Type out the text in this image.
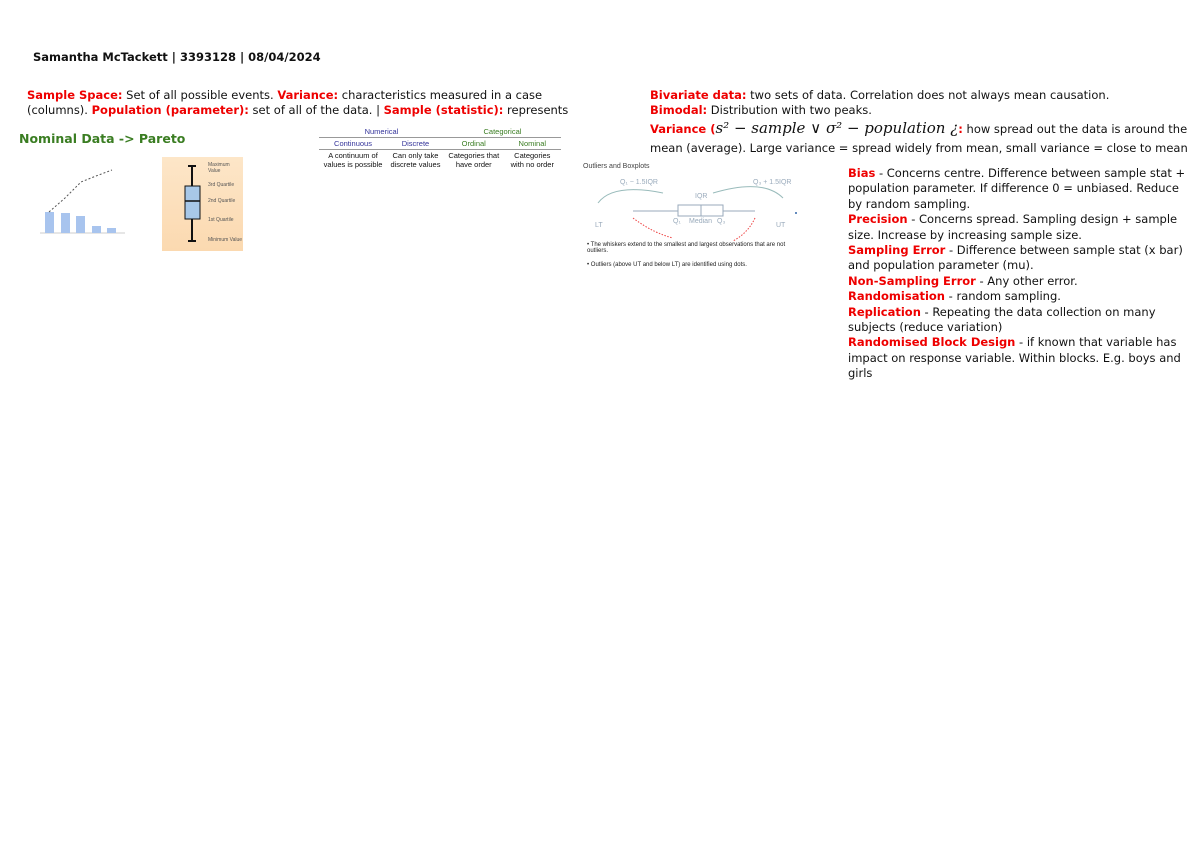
Samantha McTackett | 3393128 | 08/04/2024
Sample Space: Set of all possible events. Variance: characteristics measured in a case (columns). Population (parameter): set of all of the data. | Sample (statistic): represents
Nominal Data -> Pareto
Maximum Value
3rd Quartile
2nd Quartile
1st Quartile
Minimum Value
Numerical		Categorical	
Continuous	Discrete	Ordinal	Nominal
A continuum of values is possible	Can only take discrete values	Categories that have order	Categories with no order
Bivariate data: two sets of data. Correlation does not always mean causation.
Bimodal: Distribution with two peaks.
Variance (s² − sample ∨ σ² − population ¿: how spread out the data is around the mean (average). Large variance = spread widely from mean, small variance = close to mean
Outliers and Boxplots
Q₁ − 1.5IQR	Q₃ + 1.5IQR
IQR
Q₁ Median Q₃
LT	UT
• The whiskers extend to the smallest and largest observations that are not outliers.
• Outliers (above UT and below LT) are identified using dots.
Bias - Concerns centre. Difference between sample stat + population parameter. If difference 0 = unbiased. Reduce by random sampling.
Precision - Concerns spread. Sampling design + sample size. Increase by increasing sample size.
Sampling Error - Difference between sample stat (x bar) and population parameter (mu).
Non-Sampling Error - Any other error.
Randomisation - random sampling.
Replication - Repeating the data collection on many subjects (reduce variation)
Randomised Block Design - if known that variable has impact on response variable. Within blocks. E.g. boys and girls
